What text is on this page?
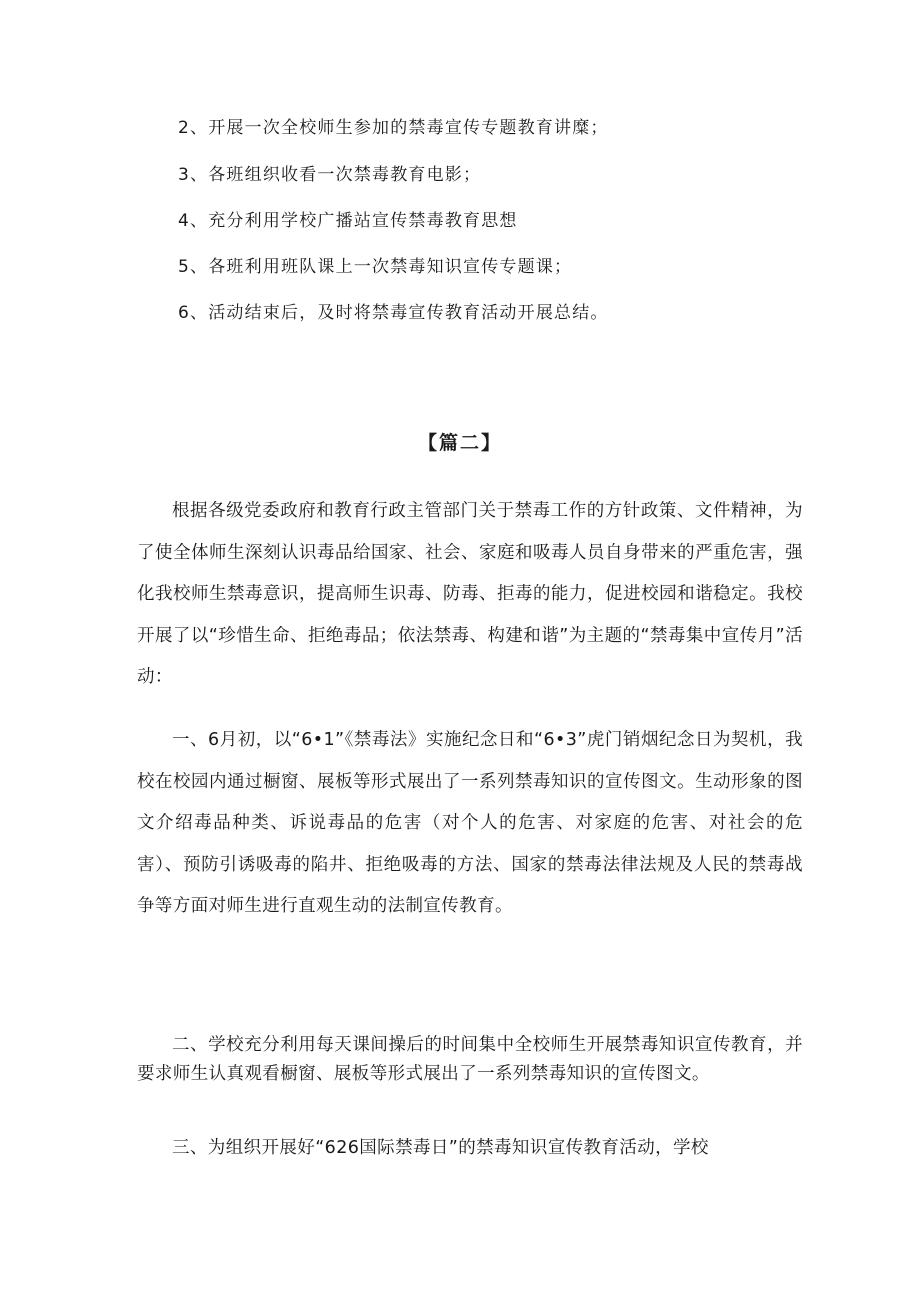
2、开展一次全校师生参加的禁毒宣传专题教育讲糜；
3、各班组织收看一次禁毒教育电影；
4、充分利用学校广播站宣传禁毒教育思想
5、各班利用班队课上一次禁毒知识宣传专题课；
6、活动结束后，及时将禁毒宣传教育活动开展总结。
【篇二】
根据各级党委政府和教育行政主管部门关于禁毒工作的方针政策、文件精神，为了使全体师生深刻认识毒品给国家、社会、家庭和吸毒人员自身带来的严重危害，强化我校师生禁毒意识，提高师生识毒、防毒、拒毒的能力，促进校园和谐稳定。我校开展了以“珍惜生命、拒绝毒品；依法禁毒、构建和谐”为主题的“禁毒集中宣传月”活动：
一、6月初，以“6•1”《禁毒法》实施纪念日和“6•3”虎门销烟纪念日为契机，我校在校园内通过橱窗、展板等形式展出了一系列禁毒知识的宣传图文。生动形象的图文介绍毒品种类、诉说毒品的危害（对个人的危害、对家庭的危害、对社会的危害）、预防引诱吸毒的陷井、拒绝吸毒的方法、国家的禁毒法律法规及人民的禁毒战争等方面对师生进行直观生动的法制宣传教育。
二、学校充分利用每天课间操后的时间集中全校师生开展禁毒知识宣传教育，并要求师生认真观看橱窗、展板等形式展出了一系列禁毒知识的宣传图文。
三、为组织开展好“626国际禁毒日”的禁毒知识宣传教育活动，学校
